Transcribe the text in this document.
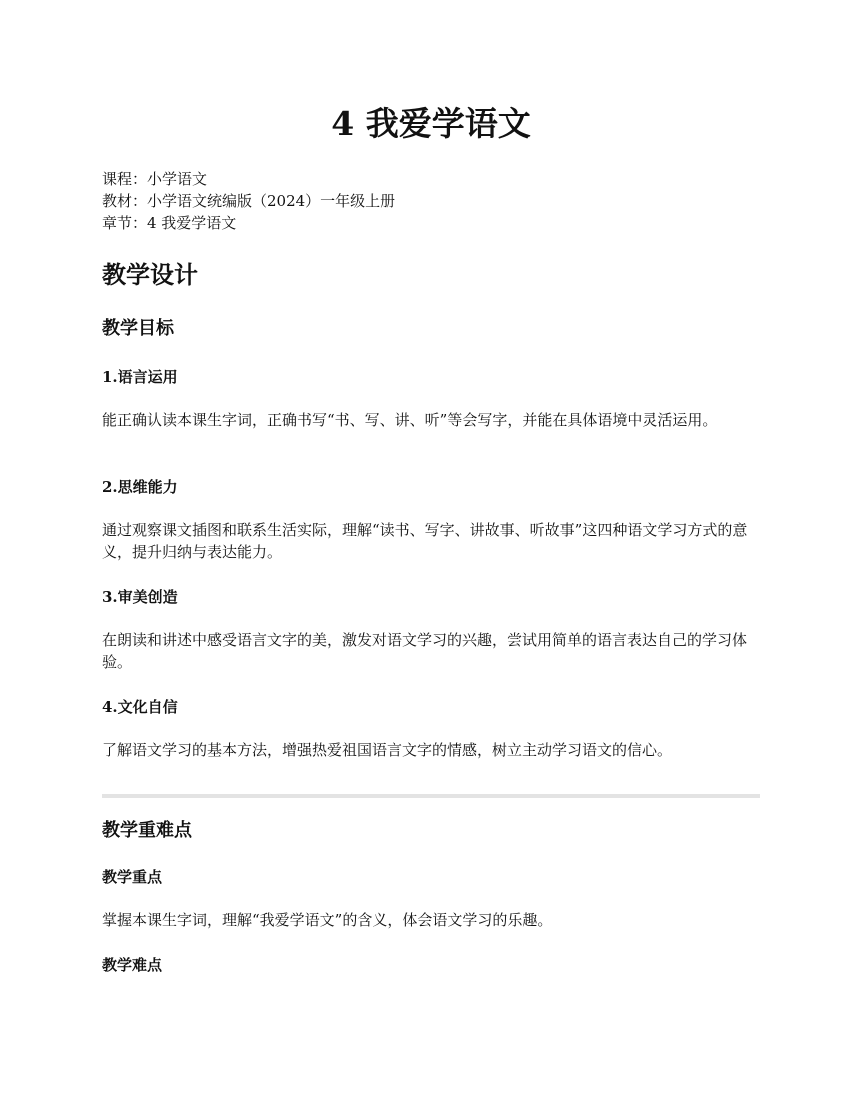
4 我爱学语文
课程：小学语文
教材：小学语文统编版（2024）一年级上册
章节：4 我爱学语文
教学设计
教学目标
1.语言运用

能正确认读本课生字词，正确书写“书、写、讲、听”等会写字，并能在具体语境中灵活运用。

2.思维能力

通过观察课文插图和联系生活实际，理解“读书、写字、讲故事、听故事”这四种语文学习方式的意义，提升归纳与表达能力。

3.审美创造

在朗读和讲述中感受语言文字的美，激发对语文学习的兴趣，尝试用简单的语言表达自己的学习体验。

4.文化自信

了解语文学习的基本方法，增强热爱祖国语言文字的情感，树立主动学习语文的信心。

教学重难点
教学重点

掌握本课生字词，理解“我爱学语文”的含义，体会语文学习的乐趣。

教学难点
